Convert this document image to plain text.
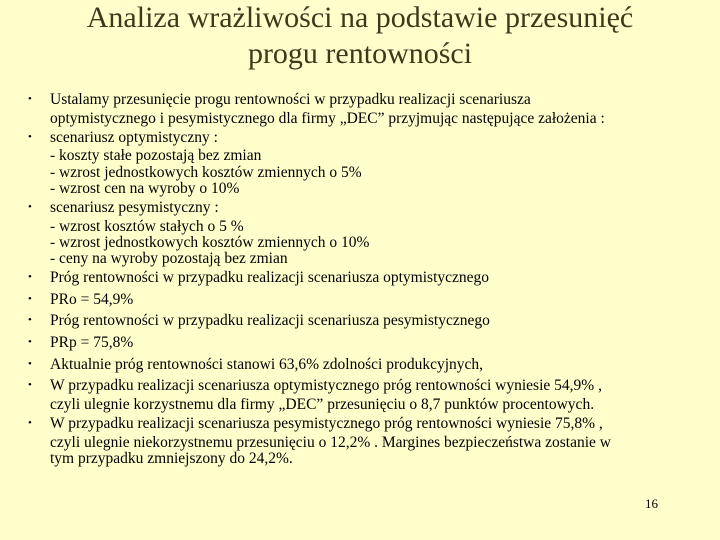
Analiza wrażliwości na podstawie przesunięć
progu rentowności
• Ustalamy przesunięcie progu rentowności w przypadku realizacji scenariusza
optymistycznego i pesymistycznego dla firmy „DEC” przyjmując następujące założenia :
• scenariusz optymistyczny :
- koszty stałe pozostają bez zmian
- wzrost jednostkowych kosztów zmiennych o 5%
- wzrost cen na wyroby o 10%
• scenariusz pesymistyczny :
- wzrost kosztów stałych o 5 %
- wzrost jednostkowych kosztów zmiennych o 10%
- ceny na wyroby pozostają bez zmian
• Próg rentowności w przypadku realizacji scenariusza optymistycznego
• PRo = 54,9%
• Próg rentowności w przypadku realizacji scenariusza pesymistycznego
• PRp = 75,8%
• Aktualnie próg rentowności stanowi 63,6% zdolności produkcyjnych,
• W przypadku realizacji scenariusza optymistycznego próg rentowności wyniesie 54,9% ,
czyli ulegnie korzystnemu dla firmy „DEC” przesunięciu o 8,7 punktów procentowych.
• W przypadku realizacji scenariusza pesymistycznego próg rentowności wyniesie 75,8% ,
czyli ulegnie niekorzystnemu przesunięciu o 12,2% . Margines bezpieczeństwa zostanie w
tym przypadku zmniejszony do 24,2%.
16
